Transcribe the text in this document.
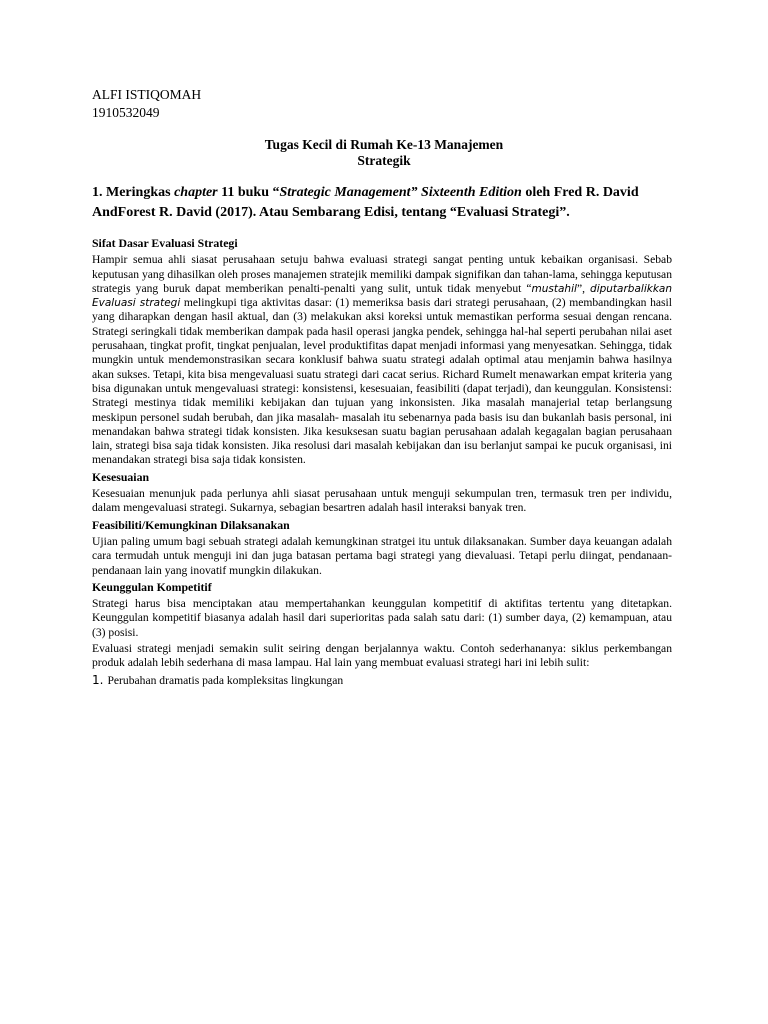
ALFI ISTIQOMAH
1910532049
Tugas Kecil di Rumah Ke-13 Manajemen
Strategik
1. Meringkas chapter 11 buku “Strategic Management” Sixteenth Edition oleh Fred R. David AndForest R. David (2017). Atau Sembarang Edisi, tentang “Evaluasi Strategi”.
Sifat Dasar Evaluasi Strategi
Hampir semua ahli siasat perusahaan setuju bahwa evaluasi strategi sangat penting untuk kebaikan organisasi. Sebab keputusan yang dihasilkan oleh proses manajemen stratejik memiliki dampak signifikan dan tahan-lama, sehingga keputusan strategis yang buruk dapat memberikan penalti-penalti yang sulit, untuk tidak menyebut “mustahil”, diputarbalikkan Evaluasi strategi melingkupi tiga aktivitas dasar: (1) memeriksa basis dari strategi perusahaan, (2) membandingkan hasil yang diharapkan dengan hasil aktual, dan (3) melakukan aksi koreksi untuk memastikan performa sesuai dengan rencana. Strategi seringkali tidak memberikan dampak pada hasil operasi jangka pendek, sehingga hal-hal seperti perubahan nilai aset perusahaan, tingkat profit, tingkat penjualan, level produktifitas dapat menjadi informasi yang menyesatkan. Sehingga, tidak mungkin untuk mendemonstrasikan secara konklusif bahwa suatu strategi adalah optimal atau menjamin bahwa hasilnya akan sukses. Tetapi, kita bisa mengevaluasi suatu strategi dari cacat serius. Richard Rumelt menawarkan empat kriteria yang bisa digunakan untuk mengevaluasi strategi: konsistensi, kesesuaian, feasibiliti (dapat terjadi), dan keunggulan. Konsistensi: Strategi mestinya tidak memiliki kebijakan dan tujuan yang inkonsisten. Jika masalah manajerial tetap berlangsung meskipun personel sudah berubah, dan jika masalah- masalah itu sebenarnya pada basis isu dan bukanlah basis personal, ini menandakan bahwa strategi tidak konsisten. Jika kesuksesan suatu bagian perusahaan adalah kegagalan bagian perusahaan lain, strategi bisa saja tidak konsisten. Jika resolusi dari masalah kebijakan dan isu berlanjut sampai ke pucuk organisasi, ini menandakan strategi bisa saja tidak konsisten.
Kesesuaian
Kesesuaian menunjuk pada perlunya ahli siasat perusahaan untuk menguji sekumpulan tren, termasuk tren per individu, dalam mengevaluasi strategi. Sukarnya, sebagian besartren adalah hasil interaksi banyak tren.
Feasibiliti/Kemungkinan Dilaksanakan
Ujian paling umum bagi sebuah strategi adalah kemungkinan stratgei itu untuk dilaksanakan. Sumber daya keuangan adalah cara termudah untuk menguji ini dan juga batasan pertama bagi strategi yang dievaluasi. Tetapi perlu diingat, pendanaan- pendanaan lain yang inovatif mungkin dilakukan.
Keunggulan Kompetitif
Strategi harus bisa menciptakan atau mempertahankan keunggulan kompetitif di aktifitas tertentu yang ditetapkan. Keunggulan kompetitif biasanya adalah hasil dari superioritas pada salah satu dari: (1) sumber daya, (2) kemampuan, atau (3) posisi.
Evaluasi strategi menjadi semakin sulit seiring dengan berjalannya waktu. Contoh sederhananya: siklus perkembangan produk adalah lebih sederhana di masa lampau. Hal lain yang membuat evaluasi strategi hari ini lebih sulit:
1. Perubahan dramatis pada kompleksitas lingkungan
